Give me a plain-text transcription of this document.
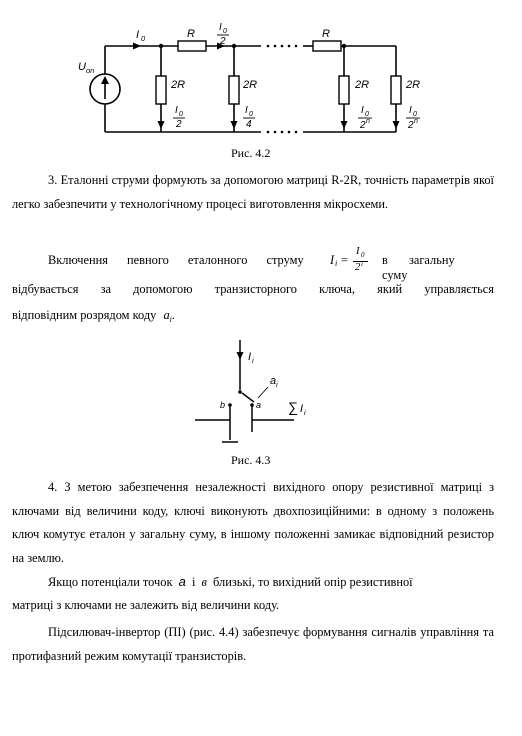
U on
I 0	R	R
I 0
2
2R	2R	2R	2R
I 0
2
I 0
4
I 0
2 n
I 0
2 n
Рис. 4.2
3. Еталонні струми формують за допомогою матриці R-2R, точність параметрів якої легко забезпечити у технологічному процесі виготовлення мікросхеми.
Включення певного еталонного струму I i =
I 0
2 i в загальну суму
відбувається за допомогою транзисторного ключа, який управляється
відповідним розрядом коду $a_i$.
I i
a i
b	a ∑ I i
Рис. 4.3
4. З метою забезпечення незалежності вихідного опору резистивної матриці з ключами від величини коду, ключі виконують двохпозиційними: в одному з положень ключ комутує еталон у загальну суму, в іншому положенні замикає відповідний резистор на землю.
Якщо потенціали точок a і в близькі, то вихідний опір резистивної
матриці з ключами не залежить від величини коду.
Підсилювач-інвертор (ПІ) (рис. 4.4) забезпечує формування сигналів управління та протифазний режим комутації транзисторів.
